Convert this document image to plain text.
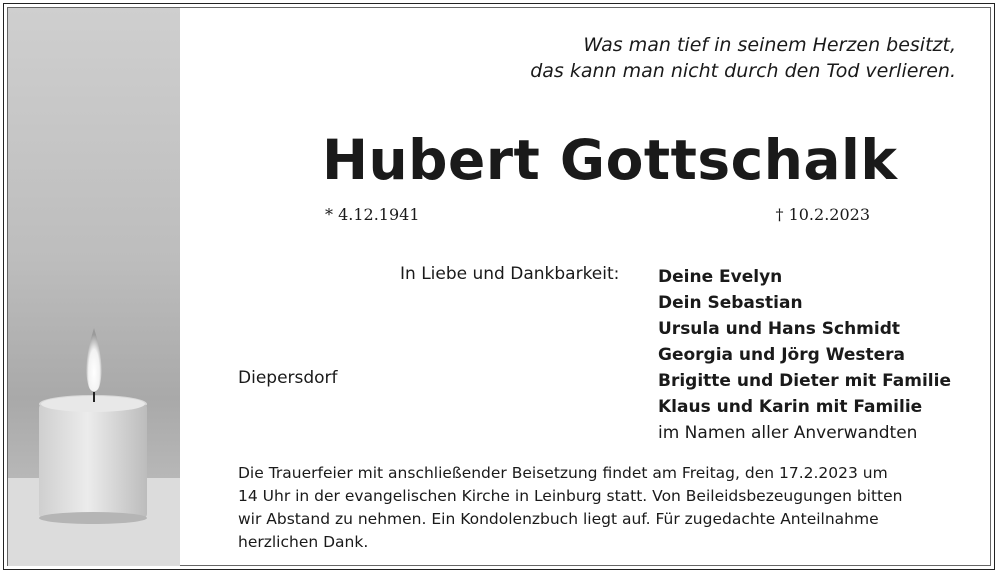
Was man tief in seinem Herzen besitzt,
das kann man nicht durch den Tod verlieren.
Hubert Gottschalk
* 4.12.1941	† 10.2.2023
In Liebe und Dankbarkeit:
Diepersdorf
Deine Evelyn
Dein Sebastian
Ursula und Hans Schmidt
Georgia und Jörg Westera
Brigitte und Dieter mit Familie
Klaus und Karin mit Familie
im Namen aller Anverwandten
Die Trauerfeier mit anschließender Beisetzung findet am Freitag, den 17.2.2023 um
14 Uhr in der evangelischen Kirche in Leinburg statt. Von Beileidsbezeugungen bitten
wir Abstand zu nehmen. Ein Kondolenzbuch liegt auf. Für zugedachte Anteilnahme
herzlichen Dank.
